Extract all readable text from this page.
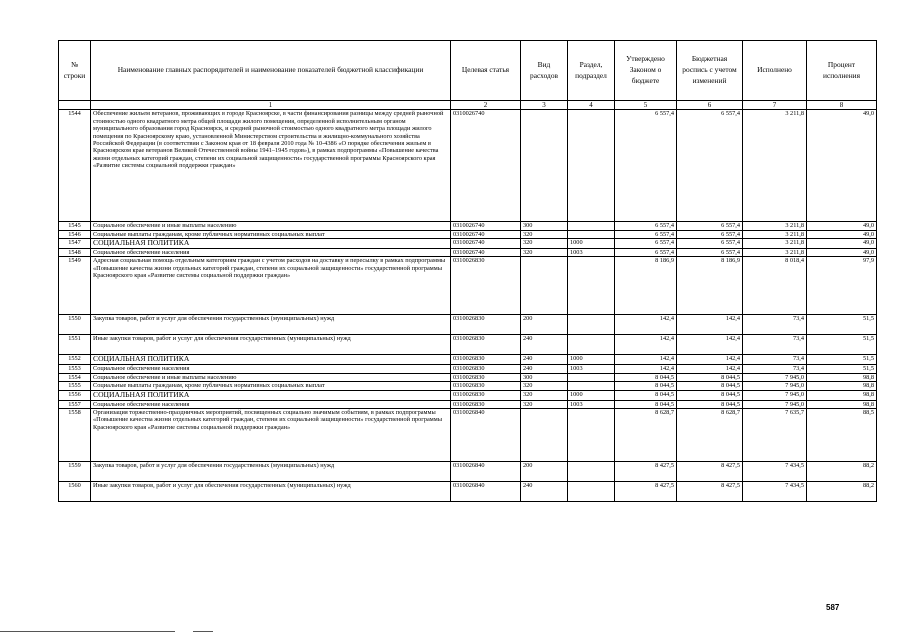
№ строки	Наименование главных распорядителей и наименование показателей бюджетной классификации	Целевая статья	Вид расходов	Раздел, подраздел	Утверждено Законом о бюджете	Бюджетная роспись с учетом изменений	Исполнено	Процент исполнения
	1	2	3	4	5	6	7	8
1544	Обеспечение жильем ветеранов, проживающих в городе Красноярске, в части финансирования разницы между средней рыночной стоимостью одного квадратного метра общей площади жилого помещения, определенной исполнительным органом муниципального образования город Красноярск, и средней рыночной стоимостью одного квадратного метра площади жилого помещения по Красноярскому краю, установленной Министерством строительства и жилищно-коммунального хозяйства Российской Федерации (в соответствии с Законом края от 18 февраля 2010 года № 10-4386 «О порядке обеспечения жильем в Красноярском крае ветеранов Великой Отечественной войны 1941–1945 годов»), в рамках подпрограммы «Повышение качества жизни отдельных категорий граждан, степени их социальной защищенности» государственной программы Красноярского края «Развитие системы социальной поддержки граждан»	0310026740			6 557,4	6 557,4	3 211,8	49,0
1545	Социальное обеспечение и иные выплаты населению	0310026740	300		6 557,4	6 557,4	3 211,8	49,0
1546	Социальные выплаты гражданам, кроме публичных нормативных социальных выплат	0310026740	320		6 557,4	6 557,4	3 211,8	49,0
1547	СОЦИАЛЬНАЯ ПОЛИТИКА	0310026740	320	1000	6 557,4	6 557,4	3 211,8	49,0
1548	Социальное обеспечение населения	0310026740	320	1003	6 557,4	6 557,4	3 211,8	49,0
1549	Адресная социальная помощь отдельным категориям граждан с учетом расходов на доставку и пересылку в рамках подпрограммы «Повышение качества жизни отдельных категорий граждан, степени их социальной защищенности» государственной программы Красноярского края «Развитие системы социальной поддержки граждан»	0310026830			8 186,9	8 186,9	8 018,4	97,9
1550	Закупка товаров, работ и услуг для обеспечения государственных (муниципальных) нужд	0310026830	200		142,4	142,4	73,4	51,5
1551	Иные закупки товаров, работ и услуг для обеспечения государственных (муниципальных) нужд	0310026830	240		142,4	142,4	73,4	51,5
1552	СОЦИАЛЬНАЯ ПОЛИТИКА	0310026830	240	1000	142,4	142,4	73,4	51,5
1553	Социальное обеспечение населения	0310026830	240	1003	142,4	142,4	73,4	51,5
1554	Социальное обеспечение и иные выплаты населению	0310026830	300		8 044,5	8 044,5	7 945,0	98,8
1555	Социальные выплаты гражданам, кроме публичных нормативных социальных выплат	0310026830	320		8 044,5	8 044,5	7 945,0	98,8
1556	СОЦИАЛЬНАЯ ПОЛИТИКА	0310026830	320	1000	8 044,5	8 044,5	7 945,0	98,8
1557	Социальное обеспечение населения	0310026830	320	1003	8 044,5	8 044,5	7 945,0	98,8
1558	Организация торжественно-праздничных мероприятий, посвященных социально значимым событиям, в рамках подпрограммы «Повышение качества жизни отдельных категорий граждан, степени их социальной защищенности» государственной программы Красноярского края «Развитие системы социальной поддержки граждан»	0310026840			8 628,7	8 628,7	7 635,7	88,5
1559	Закупка товаров, работ и услуг для обеспечения государственных (муниципальных) нужд	0310026840	200		8 427,5	8 427,5	7 434,5	88,2
1560	Иные закупки товаров, работ и услуг для обеспечения государственных (муниципальных) нужд	0310026840	240		8 427,5	8 427,5	7 434,5	88,2
587
